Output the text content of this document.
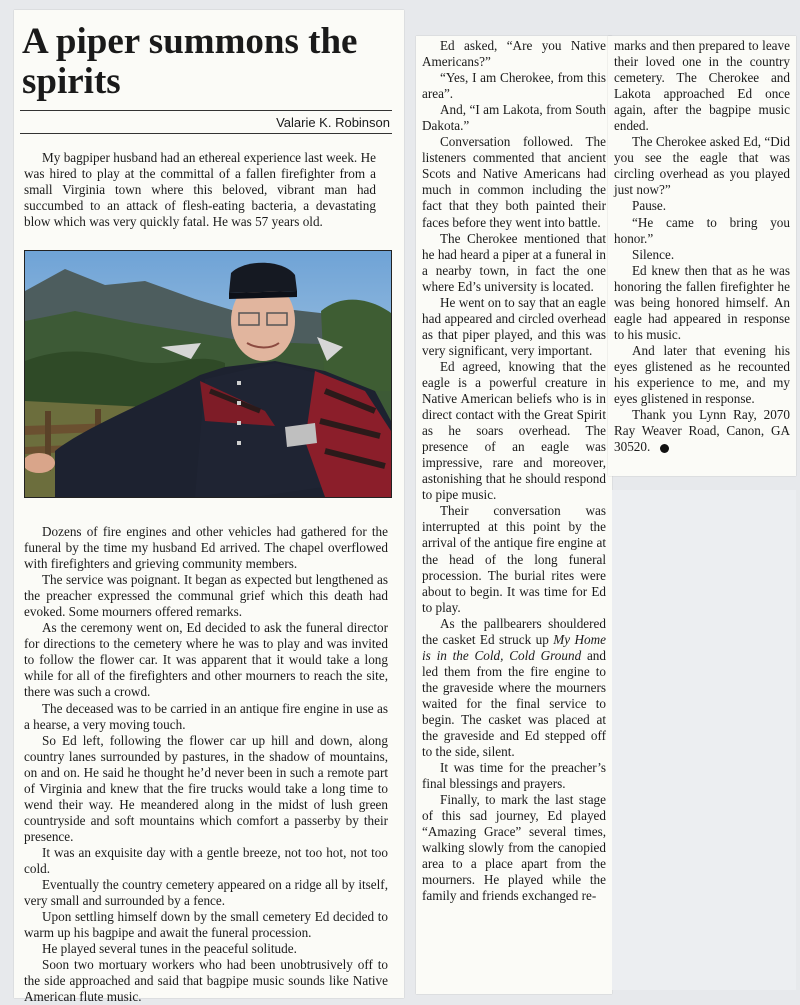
A piper summons the spirits
Valarie K. Robinson

My bagpiper husband had an ethereal experience last week. He was hired to play at the committal of a fallen firefighter from a small Virginia town where this beloved, vibrant man had succumbed to an attack of flesh-eating bacteria, a devastating blow which was very quickly fatal. He was 57 years old.

Dozens of fire engines and other vehicles had gathered for the funeral by the time my husband Ed arrived. The chapel overflowed with firefighters and grieving community members.

The service was poignant. It began as expected but lengthened as the preacher expressed the communal grief which this death had evoked. Some mourners offered remarks.

As the ceremony went on, Ed decided to ask the funeral director for directions to the cemetery where he was to play and was invited to follow the flower car. It was apparent that it would take a long while for all of the firefighters and other mourners to reach the site, there was such a crowd.

The deceased was to be carried in an antique fire engine in use as a hearse, a very moving touch.

So Ed left, following the flower car up hill and down, along country lanes surrounded by pastures, in the shadow of mountains, on and on. He said he thought he’d never been in such a remote part of Virginia and knew that the fire trucks would take a long time to wend their way. He meandered along in the midst of lush green countryside and soft mountains which comfort a passerby by their presence.

It was an exquisite day with a gentle breeze, not too hot, not too cold.

Eventually the country cemetery appeared on a ridge all by itself, very small and surrounded by a fence.

Upon settling himself down by the small cemetery Ed decided to warm up his bagpipe and await the funeral procession.

He played several tunes in the peaceful solitude.

Soon two mortuary workers who had been unobtrusively off to the side approached and said that bagpipe music sounds like Native American flute music.

Ed asked, “Are you Native Americans?”

“Yes, I am Cherokee, from this area”.

And, “I am Lakota, from South Dakota.”

Conversation followed. The listeners commented that ancient Scots and Native Americans had much in common including the fact that they both painted their faces before they went into battle.

The Cherokee mentioned that he had heard a piper at a funeral in a nearby town, in fact the one where Ed’s university is located.

He went on to say that an eagle had appeared and circled overhead as that piper played, and this was very significant, very important.

Ed agreed, knowing that the eagle is a powerful creature in Native American beliefs who is in direct contact with the Great Spirit as he soars overhead. The presence of an eagle was impressive, rare and moreover, astonishing that he should respond to pipe music.

Their conversation was interrupted at this point by the arrival of the antique fire engine at the head of the long funeral procession. The burial rites were about to begin. It was time for Ed to play.

As the pallbearers shouldered the casket Ed struck up My Home is in the Cold, Cold Ground and led them from the fire engine to the graveside where the mourners waited for the final service to begin. The casket was placed at the graveside and Ed stepped off to the side, silent.

It was time for the preacher’s final blessings and prayers.

Finally, to mark the last stage of this sad journey, Ed played “Amazing Grace” several times, walking slowly from the canopied area to a place apart from the mourners. He played while the family and friends exchanged re-

marks and then prepared to leave their loved one in the country cemetery. The Cherokee and Lakota approached Ed once again, after the bagpipe music ended.

The Cherokee asked Ed, “Did you see the eagle that was circling overhead as you played just now?”

Pause.

“He came to bring you honor.”

Silence.

Ed knew then that as he was honoring the fallen firefighter he was being honored himself. An eagle had appeared in response to his music.

And later that evening his eyes glistened as he recounted his experience to me, and my eyes glistened in response.

Thank you Lynn Ray, 2070 Ray Weaver Road, Canon, GA 30520.
